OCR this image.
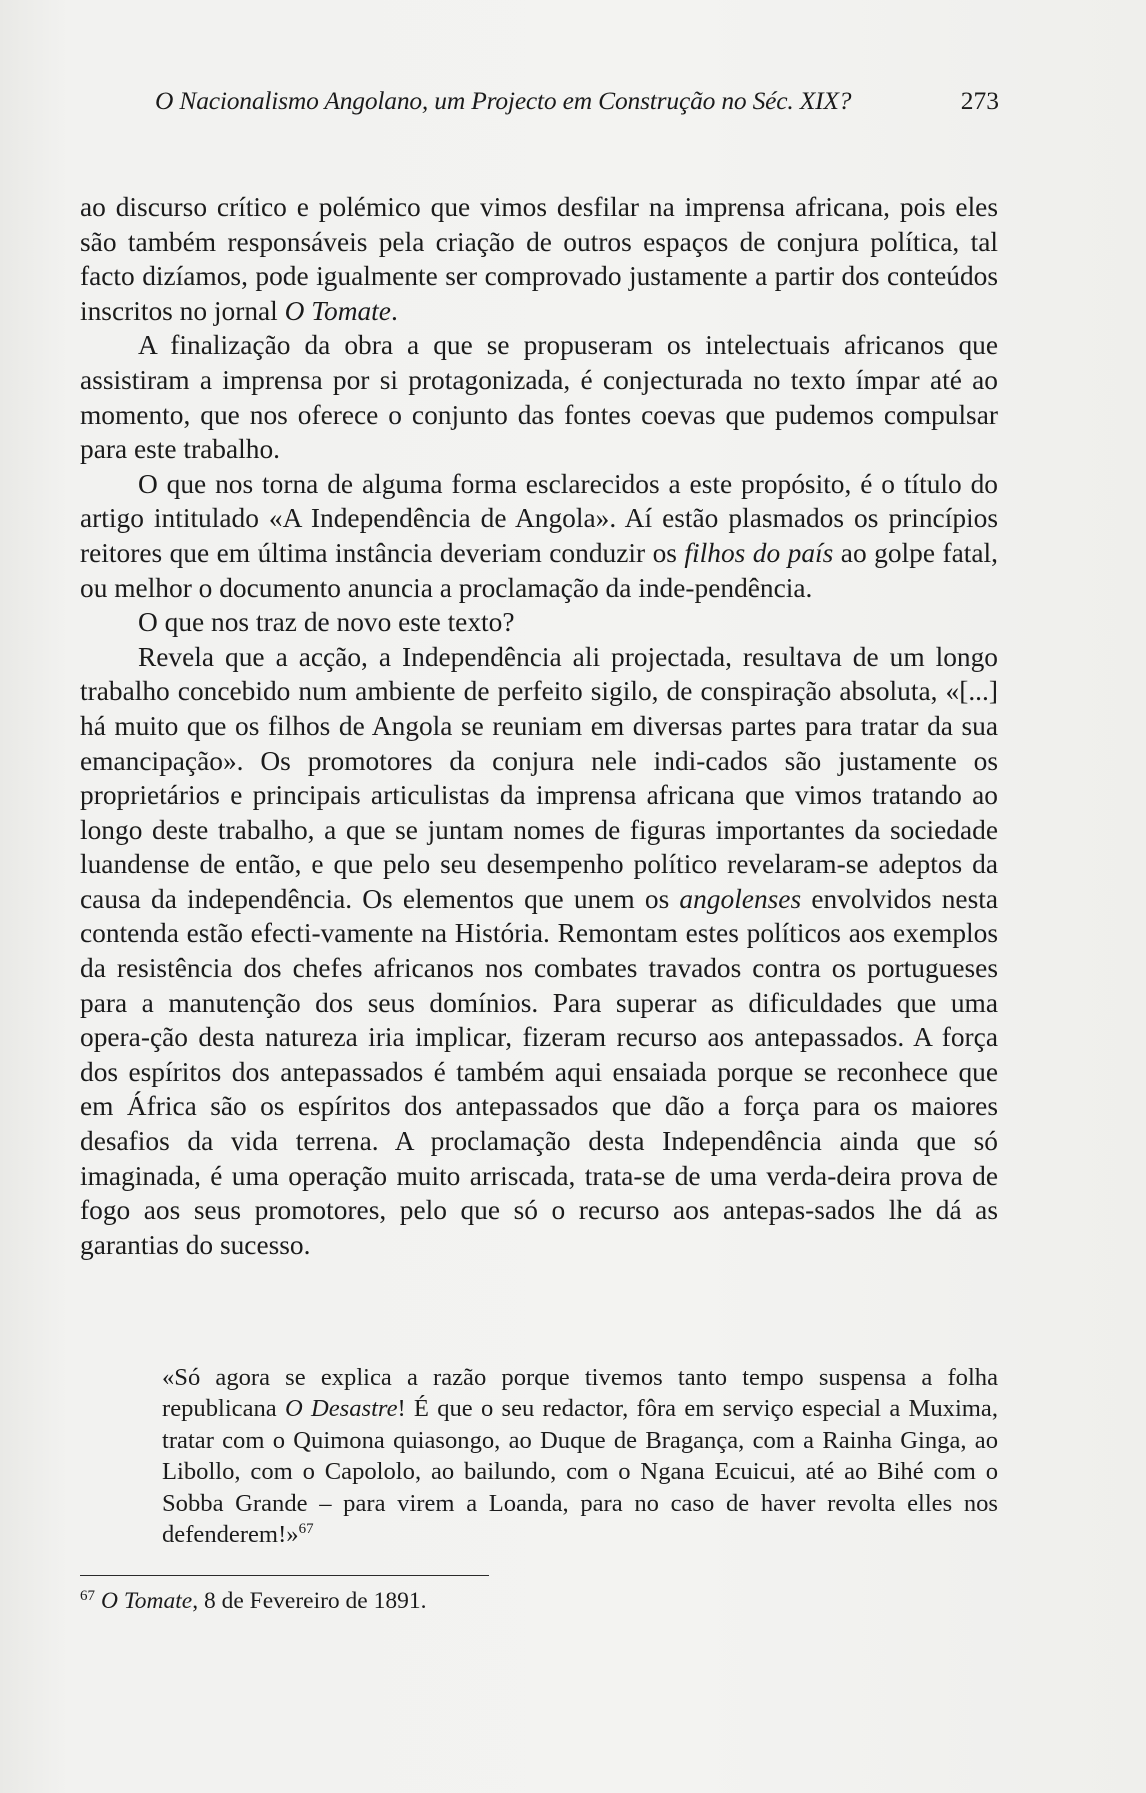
O Nacionalismo Angolano, um Projecto em Construção no Séc. XIX?	273

ao discurso crítico e polémico que vimos desfilar na imprensa africana, pois eles são também responsáveis pela criação de outros espaços de conjura política, tal facto dizíamos, pode igualmente ser comprovado justamente a partir dos conteúdos inscritos no jornal O Tomate.

A finalização da obra a que se propuseram os intelectuais africanos que assistiram a imprensa por si protagonizada, é conjecturada no texto ímpar até ao momento, que nos oferece o conjunto das fontes coevas que pudemos compulsar para este trabalho.

O que nos torna de alguma forma esclarecidos a este propósito, é o título do artigo intitulado «A Independência de Angola». Aí estão plasmados os princípios reitores que em última instância deveriam conduzir os filhos do país ao golpe fatal, ou melhor o documento anuncia a proclamação da inde-pendência.

O que nos traz de novo este texto?

Revela que a acção, a Independência ali projectada, resultava de um longo trabalho concebido num ambiente de perfeito sigilo, de conspiração absoluta, «[...] há muito que os filhos de Angola se reuniam em diversas partes para tratar da sua emancipação». Os promotores da conjura nele indi-cados são justamente os proprietários e principais articulistas da imprensa africana que vimos tratando ao longo deste trabalho, a que se juntam nomes de figuras importantes da sociedade luandense de então, e que pelo seu desempenho político revelaram-se adeptos da causa da independência. Os elementos que unem os angolenses envolvidos nesta contenda estão efecti-vamente na História. Remontam estes políticos aos exemplos da resistência dos chefes africanos nos combates travados contra os portugueses para a manutenção dos seus domínios. Para superar as dificuldades que uma opera-ção desta natureza iria implicar, fizeram recurso aos antepassados. A força dos espíritos dos antepassados é também aqui ensaiada porque se reconhece que em África são os espíritos dos antepassados que dão a força para os maiores desafios da vida terrena. A proclamação desta Independência ainda que só imaginada, é uma operação muito arriscada, trata-se de uma verda-deira prova de fogo aos seus promotores, pelo que só o recurso aos antepas-sados lhe dá as garantias do sucesso.

«Só agora se explica a razão porque tivemos tanto tempo suspensa a folha republicana O Desastre! É que o seu redactor, fôra em serviço especial a Muxima, tratar com o Quimona quiasongo, ao Duque de Bragança, com a Rainha Ginga, ao Libollo, com o Capololo, ao bailundo, com o Ngana Ecuicui, até ao Bihé com o Sobba Grande – para virem a Loanda, para no caso de haver revolta elles nos defenderem!»$^{67}$

$^{67}$ O Tomate, 8 de Fevereiro de 1891.
